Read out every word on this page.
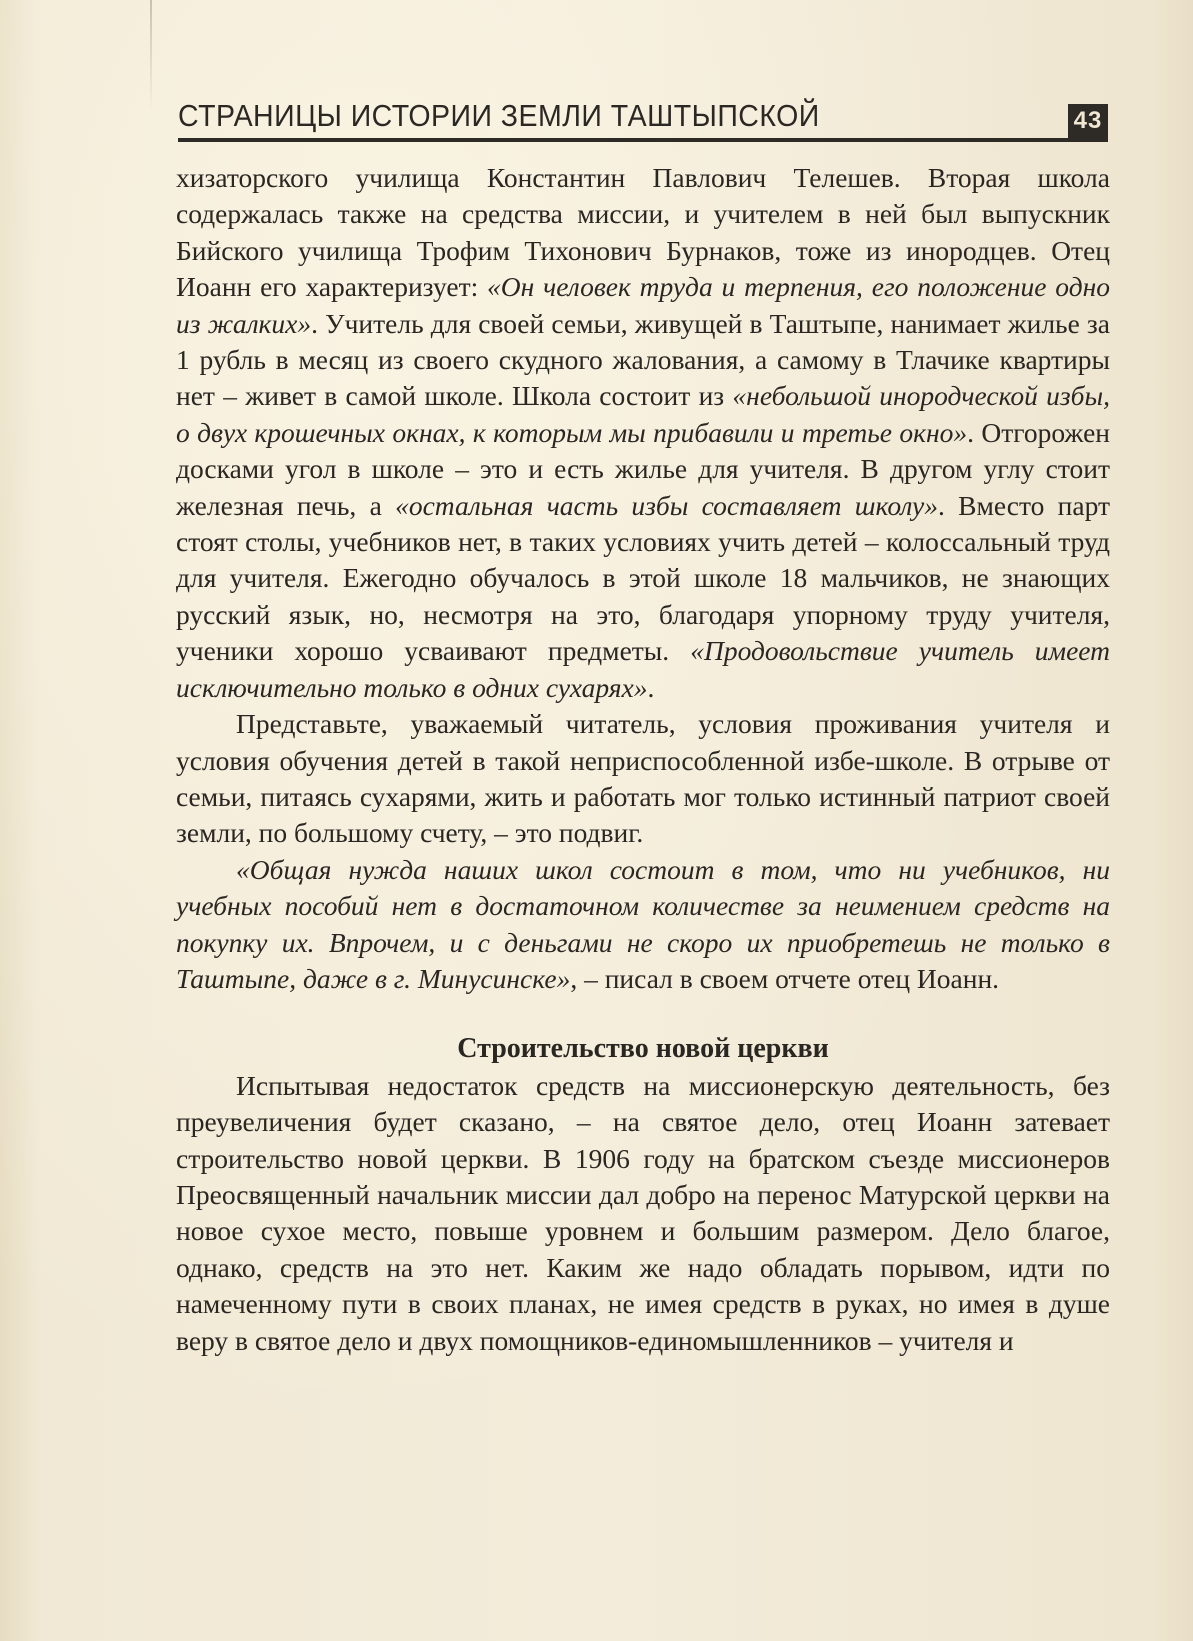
СТРАНИЦЫ ИСТОРИИ ЗЕМЛИ ТАШТЫПСКОЙ	43

хизаторского училища Константин Павлович Телешев. Вторая школа содержалась также на средства миссии, и учителем в ней был выпускник Бийского училища Трофим Тихонович Бурнаков, тоже из инородцев. Отец Иоанн его характеризует: «Он человек труда и терпения, его положение одно из жалких». Учитель для своей семьи, живущей в Таштыпе, нанимает жилье за 1 рубль в месяц из своего скудного жалования, а самому в Тлачике квартиры нет – живет в самой школе. Школа состоит из «небольшой инородческой избы, о двух крошечных окнах, к которым мы прибавили и третье окно». Отгорожен досками угол в школе – это и есть жилье для учителя. В другом углу стоит железная печь, а «остальная часть избы составляет школу». Вместо парт стоят столы, учебников нет, в таких условиях учить детей – колоссальный труд для учителя. Ежегодно обучалось в этой школе 18 мальчиков, не знающих русский язык, но, несмотря на это, благодаря упорному труду учителя, ученики хорошо усваивают предметы. «Продовольствие учитель имеет исключительно только в одних сухарях».

Представьте, уважаемый читатель, условия проживания учителя и условия обучения детей в такой неприспособленной избе-школе. В отрыве от семьи, питаясь сухарями, жить и работать мог только истинный патриот своей земли, по большому счету, – это подвиг.

«Общая нужда наших школ состоит в том, что ни учебников, ни учебных пособий нет в достаточном количестве за неимением средств на покупку их. Впрочем, и с деньгами не скоро их приобретешь не только в Таштыпе, даже в г. Минусинске», – писал в своем отчете отец Иоанн.

Строительство новой церкви

Испытывая недостаток средств на миссионерскую деятельность, без преувеличения будет сказано, – на святое дело, отец Иоанн затевает строительство новой церкви. В 1906 году на братском съезде миссионеров Преосвященный начальник миссии дал добро на перенос Матурской церкви на новое сухое место, повыше уровнем и большим размером. Дело благое, однако, средств на это нет. Каким же надо обладать порывом, идти по намеченному пути в своих планах, не имея средств в руках, но имея в душе веру в святое дело и двух помощников-единомышленников – учителя и
